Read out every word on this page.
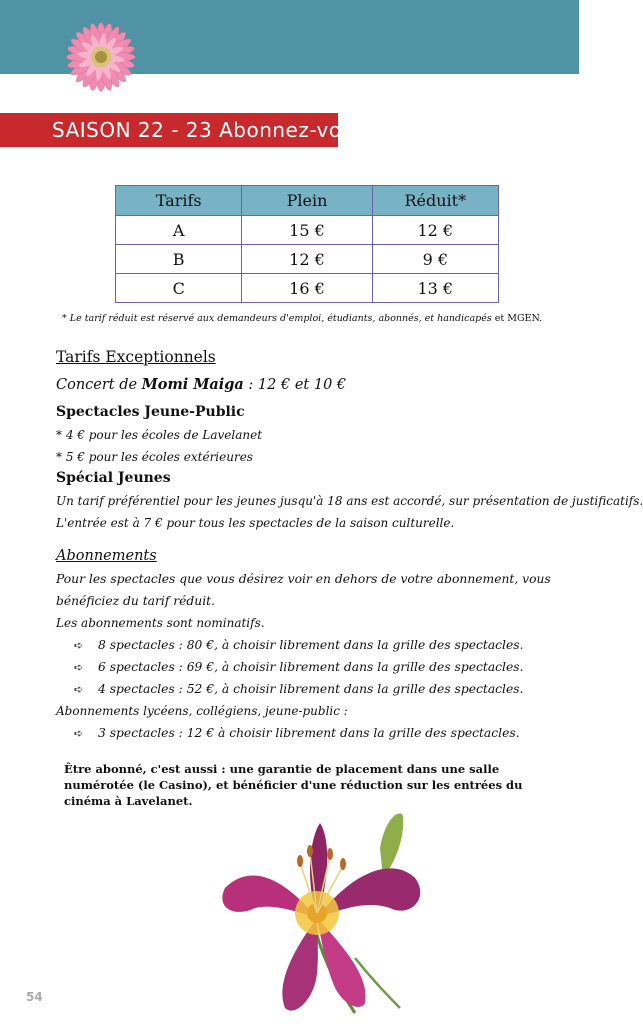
SAISON 22 - 23 Abonnez-vous !
Tarifs	Plein	Réduit*
A	15 €	12 €
B	12 €	9 €
C	16 €	13 €
* Le tarif réduit est réservé aux demandeurs d'emploi, étudiants, abonnés, et handicapés et MGEN.

Tarifs Exceptionnels

Concert de Momi Maiga : 12 € et 10 €

Spectacles Jeune-Public

* 4 € pour les écoles de Lavelanet

* 5 € pour les écoles extérieures

Spécial Jeunes

Un tarif préférentiel pour les jeunes jusqu'à 18 ans est accordé, sur présentation de justificatifs.

L'entrée est à 7 € pour tous les spectacles de la saison culturelle.

Abonnements

Pour les spectacles que vous désirez voir en dehors de votre abonnement, vous bénéficiez du tarif réduit.

Les abonnements sont nominatifs.

➪ 8 spectacles : 80 €, à choisir librement dans la grille des spectacles.
➪ 6 spectacles : 69 €, à choisir librement dans la grille des spectacles.
➪ 4 spectacles : 52 €, à choisir librement dans la grille des spectacles.

Abonnements lycéens, collégiens, jeune-public :

➪ 3 spectacles : 12 € à choisir librement dans la grille des spectacles.
Être abonné, c'est aussi : une garantie de placement dans une salle numérotée (le Casino), et bénéficier d'une réduction sur les entrées du cinéma à Lavelanet.
54
